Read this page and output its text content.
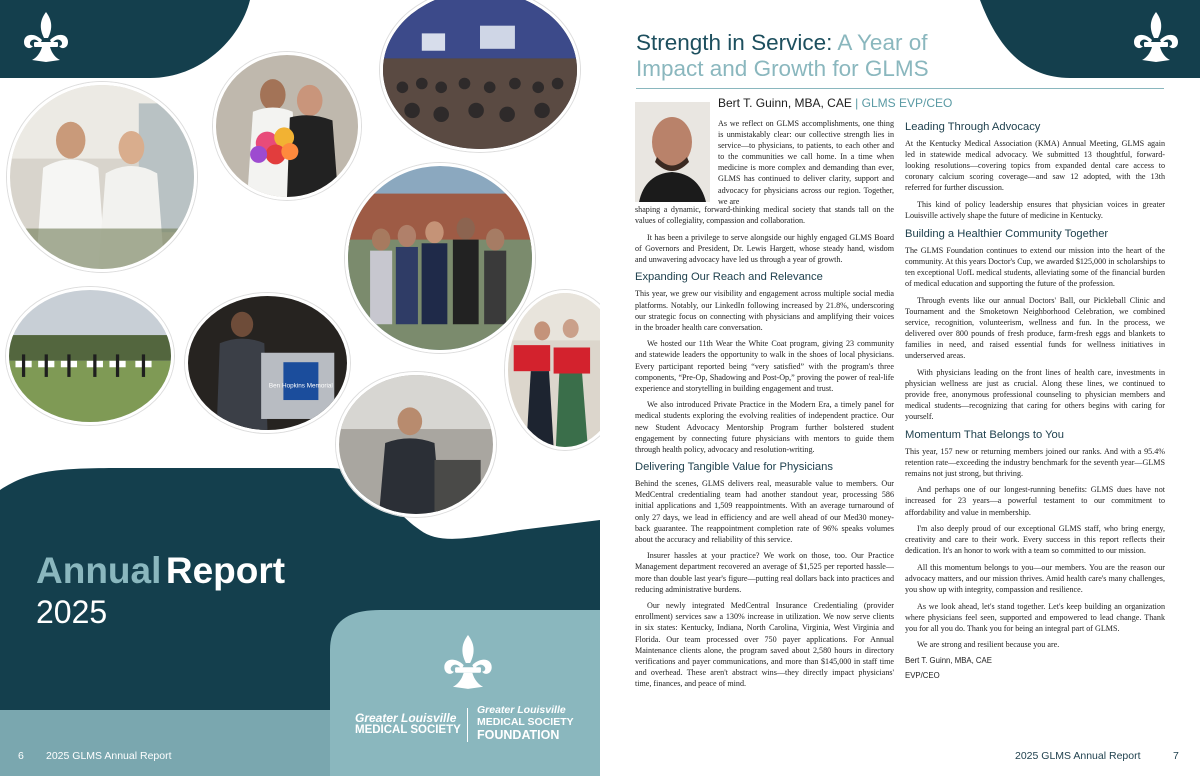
Ben Hopkins Memorial
Annual Report
2025
Greater Louisville
MEDICAL SOCIETY
Greater Louisville
MEDICAL SOCIETY
FOUNDATION
6 2025 GLMS Annual Report
Strength in Service: A Year of Impact and Growth for GLMS
Bert T. Guinn, MBA, CAE | GLMS EVP/CEO

As we reflect on GLMS accomplishments, one thing is unmistakably clear: our collective strength lies in service—to physicians, to patients, to each other and to the communities we call home. In a time when medicine is more complex and demanding than ever, GLMS has continued to deliver clarity, support and advocacy for physicians across our region. Together, we are

shaping a dynamic, forward-thinking medical society that stands tall on the values of collegiality, compassion and collaboration.

It has been a privilege to serve alongside our highly engaged GLMS Board of Governors and President, Dr. Lewis Hargett, whose steady hand, wisdom and unwavering advocacy have led us through a year of growth.

Expanding Our Reach and Relevance

This year, we grew our visibility and engagement across multiple social media platforms. Notably, our LinkedIn following increased by 21.8%, underscoring our strategic focus on connecting with physicians and amplifying their voices in the broader health care conversation.

We hosted our 11th Wear the White Coat program, giving 23 community and statewide leaders the opportunity to walk in the shoes of local physicians. Every participant reported being “very satisfied” with the program's three components, “Pre-Op, Shadowing and Post-Op,” proving the power of real-life experience and storytelling in building engagement and trust.

We also introduced Private Practice in the Modern Era, a timely panel for medical students exploring the evolving realities of independent practice. Our new Student Advocacy Mentorship Program further bolstered student engagement by connecting future physicians with mentors to guide them through health policy, advocacy and resolution-writing.

Delivering Tangible Value for Physicians

Behind the scenes, GLMS delivers real, measurable value to members. Our MedCentral credentialing team had another standout year, processing 586 initial applications and 1,509 reappointments. With an average turnaround of only 27 days, we lead in efficiency and are well ahead of our Med30 money-back guarantee. The reappointment completion rate of 96% speaks volumes about the accuracy and reliability of this service.

Insurer hassles at your practice? We work on those, too. Our Practice Management department recovered an average of $1,525 per reported hassle—more than double last year's figure—putting real dollars back into practices and reducing administrative burdens.

Our newly integrated MedCentral Insurance Credentialing (provider enrollment) services saw a 130% increase in utilization. We now serve clients in six states: Kentucky, Indiana, North Carolina, Virginia, West Virginia and Florida. Our team processed over 750 payer applications. For Annual Maintenance clients alone, the program saved about 2,580 hours in directory verifications and payer communications, and more than $145,000 in staff time and overhead. These aren't abstract wins—they directly impact physicians' time, finances, and peace of mind.

Leading Through Advocacy

At the Kentucky Medical Association (KMA) Annual Meeting, GLMS again led in statewide medical advocacy. We submitted 13 thoughtful, forward-looking resolutions—covering topics from expanded dental care access to coronary calcium scoring coverage—and saw 12 adopted, with the 13th referred for further discussion.

This kind of policy leadership ensures that physician voices in greater Louisville actively shape the future of medicine in Kentucky.

Building a Healthier Community Together

The GLMS Foundation continues to extend our mission into the heart of the community. At this years Doctor's Cup, we awarded $125,000 in scholarships to ten exceptional UofL medical students, alleviating some of the financial burden of medical education and supporting the future of the profession.

Through events like our annual Doctors' Ball, our Pickleball Clinic and Tournament and the Smoketown Neighborhood Celebration, we combined service, recognition, volunteerism, wellness and fun. In the process, we delivered over 800 pounds of fresh produce, farm-fresh eggs and blankets to families in need, and raised essential funds for wellness initiatives in underserved areas.

With physicians leading on the front lines of health care, investments in physician wellness are just as crucial. Along these lines, we continued to provide free, anonymous professional counseling to physician members and medical students—recognizing that caring for others begins with caring for yourself.

Momentum That Belongs to You

This year, 157 new or returning members joined our ranks. And with a 95.4% retention rate—exceeding the industry benchmark for the seventh year—GLMS remains not just strong, but thriving.

And perhaps one of our longest-running benefits: GLMS dues have not increased for 23 years—a powerful testament to our commitment to affordability and value in membership.

I'm also deeply proud of our exceptional GLMS staff, who bring energy, creativity and care to their work. Every success in this report reflects their dedication. It's an honor to work with a team so committed to our mission.

All this momentum belongs to you—our members. You are the reason our advocacy matters, and our mission thrives. Amid health care's many challenges, you show up with integrity, compassion and resilience.

As we look ahead, let's stand together. Let's keep building an organization where physicians feel seen, supported and empowered to lead change. Thank you for all you do. Thank you for being an integral part of GLMS.

We are strong and resilient because you are.

Bert T. Guinn, MBA, CAE

EVP/CEO

2025 GLMS Annual Report	7
